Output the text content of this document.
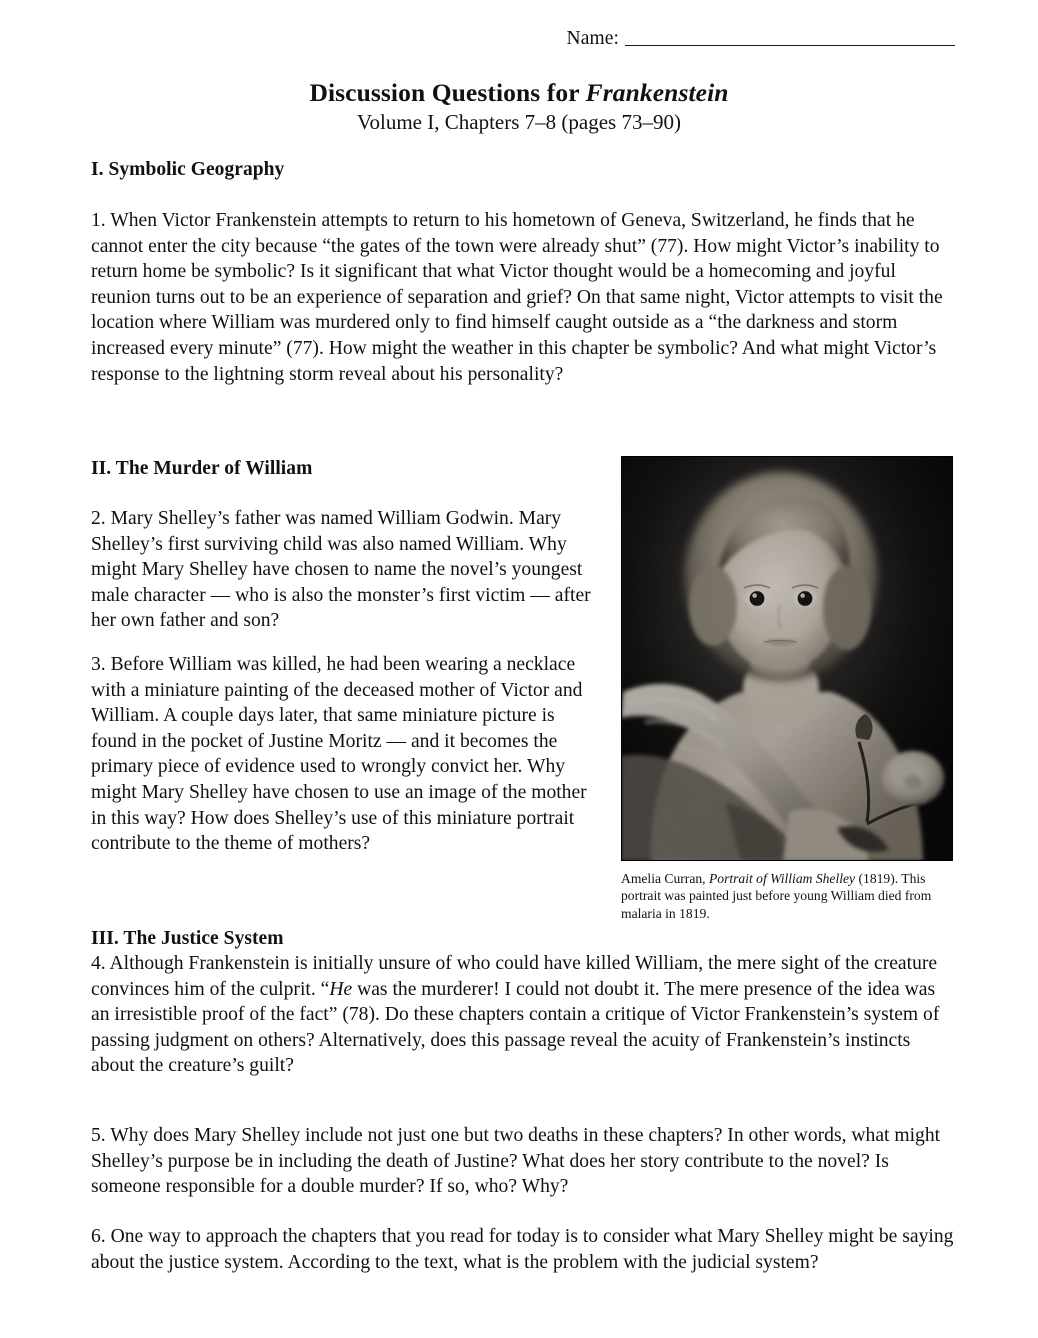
Name:
Discussion Questions for Frankenstein
Volume I, Chapters 7–8 (pages 73–90)
I. Symbolic Geography
1. When Victor Frankenstein attempts to return to his hometown of Geneva, Switzerland, he finds that he cannot enter the city because “the gates of the town were already shut” (77). How might Victor’s inability to return home be symbolic? Is it significant that what Victor thought would be a homecoming and joyful reunion turns out to be an experience of separation and grief? On that same night, Victor attempts to visit the location where William was murdered only to find himself caught outside as a “the darkness and storm increased every minute” (77). How might the weather in this chapter be symbolic? And what might Victor’s response to the lightning storm reveal about his personality?
II. The Murder of William
2. Mary Shelley’s father was named William Godwin. Mary Shelley’s first surviving child was also named William. Why might Mary Shelley have chosen to name the novel’s youngest male character — who is also the monster’s first victim — after her own father and son?
3. Before William was killed, he had been wearing a necklace with a miniature painting of the deceased mother of Victor and William. A couple days later, that same miniature picture is found in the pocket of Justine Moritz — and it becomes the primary piece of evidence used to wrongly convict her. Why might Mary Shelley have chosen to use an image of the mother in this way? How does Shelley’s use of this miniature portrait contribute to the theme of mothers?
Amelia Curran, Portrait of William Shelley (1819). This portrait was painted just before young William died from malaria in 1819.
III. The Justice System
4. Although Frankenstein is initially unsure of who could have killed William, the mere sight of the creature convinces him of the culprit. “He was the murderer! I could not doubt it. The mere presence of the idea was an irresistible proof of the fact” (78). Do these chapters contain a critique of Victor Frankenstein’s system of passing judgment on others? Alternatively, does this passage reveal the acuity of Frankenstein’s instincts about the creature’s guilt?
5. Why does Mary Shelley include not just one but two deaths in these chapters? In other words, what might Shelley’s purpose be in including the death of Justine? What does her story contribute to the novel? Is someone responsible for a double murder? If so, who? Why?
6. One way to approach the chapters that you read for today is to consider what Mary Shelley might be saying about the justice system. According to the text, what is the problem with the judicial system?
